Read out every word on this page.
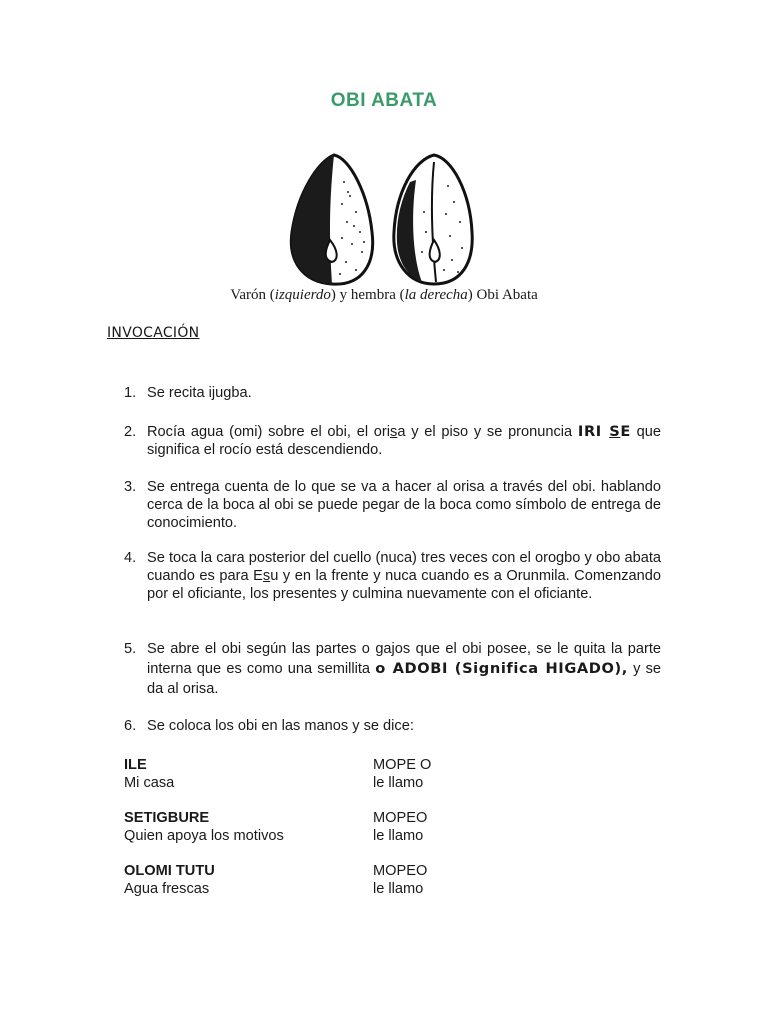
OBI ABATA
Varón (izquierdo) y hembra (la derecha) Obi Abata
INVOCACIÓN
1. Se recita ijugba.
2. Rocía agua (omi) sobre el obi, el orisa y el piso y se pronuncia IRI SE que significa el rocío está descendiendo.
3. Se entrega cuenta de lo que se va a hacer al orisa a través del obi. hablando cerca de la boca al obi se puede pegar de la boca como símbolo de entrega de conocimiento.
4. Se toca la cara posterior del cuello (nuca) tres veces con el orogbo y obo abata cuando es para Esu y en la frente y nuca cuando es a Orunmila. Comenzando por el oficiante, los presentes y culmina nuevamente con el oficiante.
5. Se abre el obi según las partes o gajos que el obi posee, se le quita la parte interna que es como una semillita o ADOBI (Significa HIGADO), y se da al orisa.
6. Se coloca los obi en las manos y se dice:
ILE
Mi casa
MOPE O
le llamo
SETIGBURE
Quien apoya los motivos
MOPEO
le llamo
OLOMI TUTU
Agua frescas
MOPEO
le llamo
